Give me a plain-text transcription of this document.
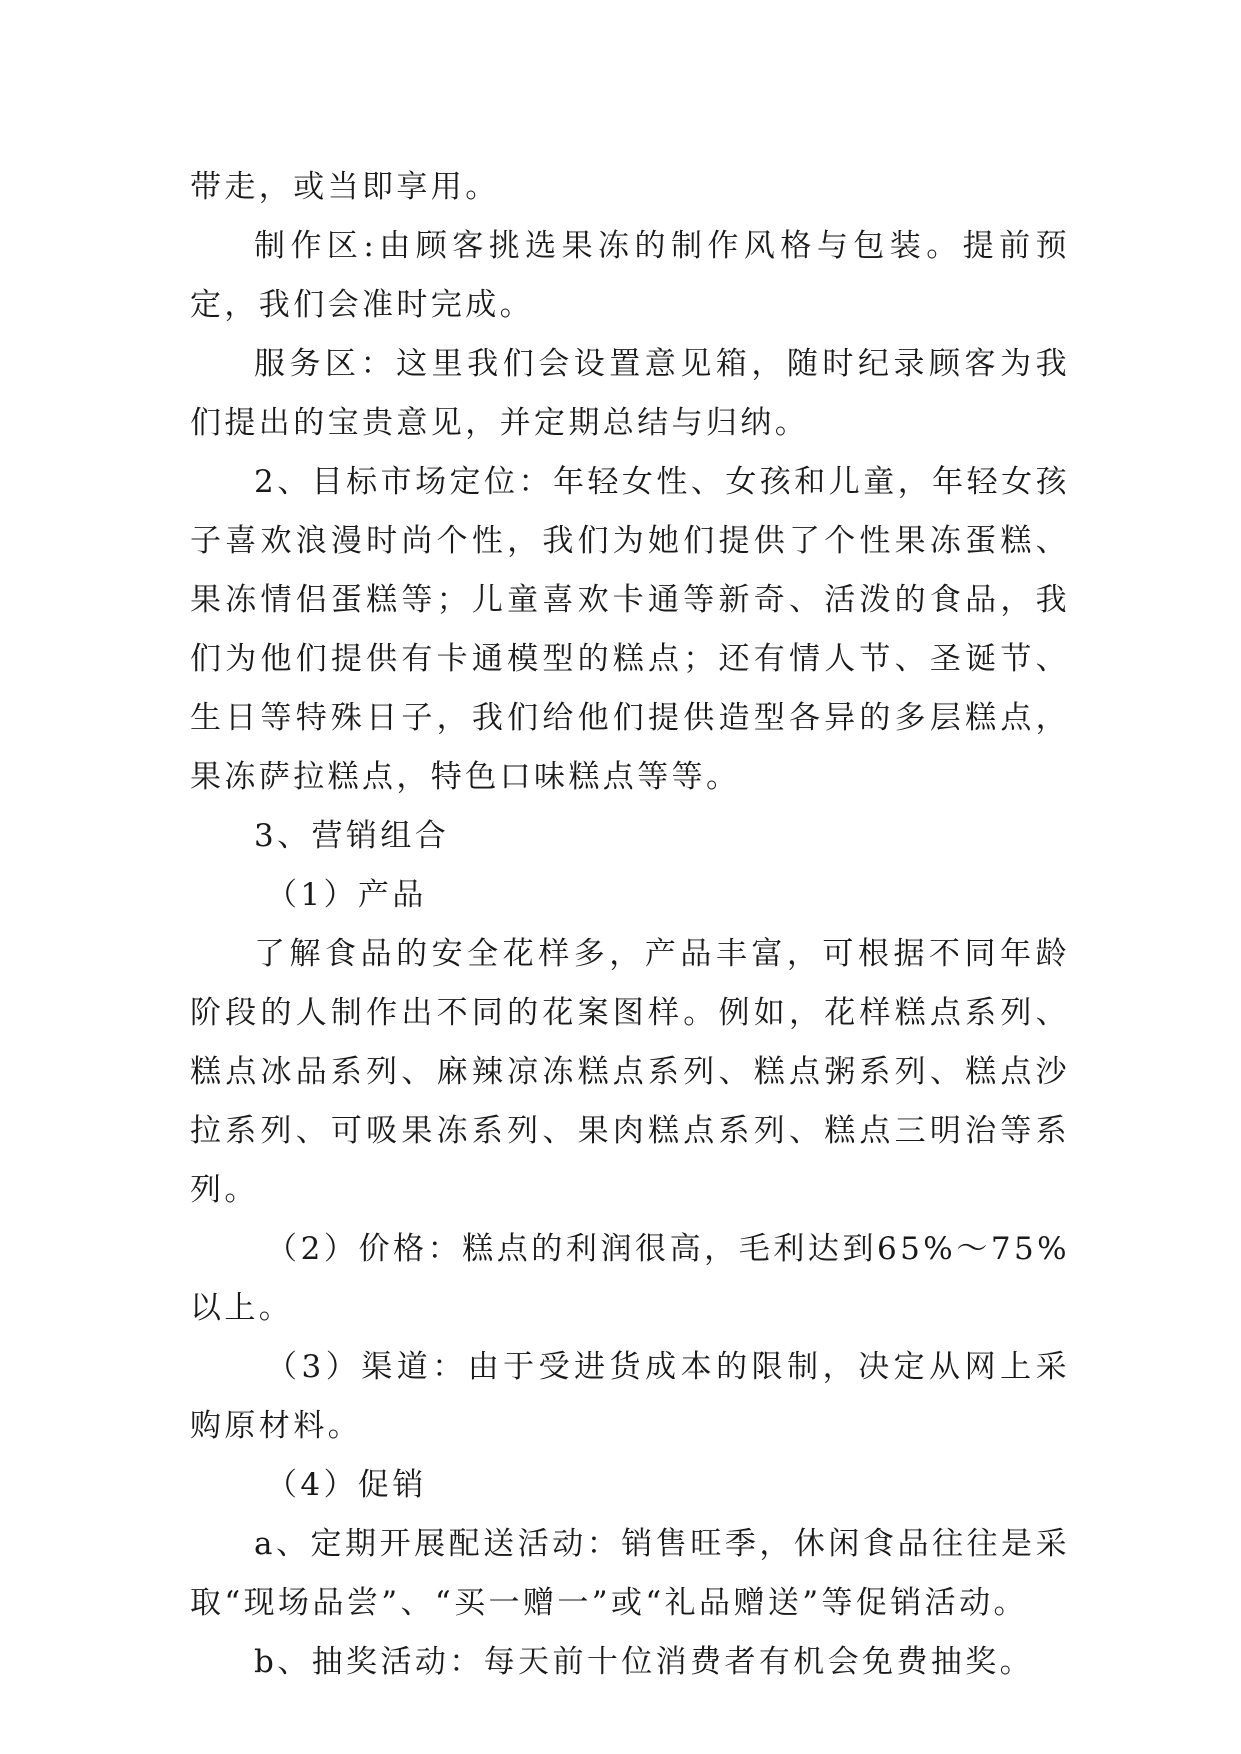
带走，或当即享用。

制作区:由顾客挑选果冻的制作风格与包装。提前预定，我们会准时完成。

服务区：这里我们会设置意见箱，随时纪录顾客为我们提出的宝贵意见，并定期总结与归纳。

2、目标市场定位：年轻女性、女孩和儿童，年轻女孩子喜欢浪漫时尚个性，我们为她们提供了个性果冻蛋糕、果冻情侣蛋糕等；儿童喜欢卡通等新奇、活泼的食品，我们为他们提供有卡通模型的糕点；还有情人节、圣诞节、生日等特殊日子，我们给他们提供造型各异的多层糕点，果冻萨拉糕点，特色口味糕点等等。

3、营销组合

（1）产品

了解食品的安全花样多，产品丰富，可根据不同年龄阶段的人制作出不同的花案图样。例如，花样糕点系列、糕点冰品系列、麻辣凉冻糕点系列、糕点粥系列、糕点沙拉系列、可吸果冻系列、果肉糕点系列、糕点三明治等系列。

（2）价格：糕点的利润很高，毛利达到65%～75%以上。

（3）渠道：由于受进货成本的限制，决定从网上采购原材料。

（4）促销

a、定期开展配送活动：销售旺季，休闲食品往往是采取“现场品尝”、“买一赠一”或“礼品赠送”等促销活动。

b、抽奖活动：每天前十位消费者有机会免费抽奖。
